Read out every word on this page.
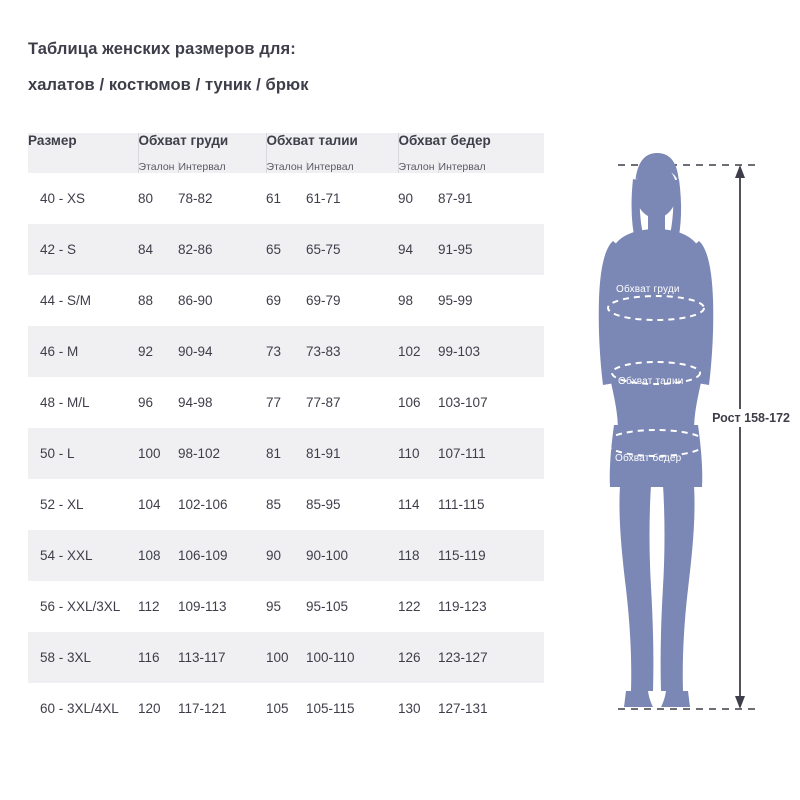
Таблица женских размеров для:
халатов / костюмов / туник / брюк
Размер	Обхват груди		Обхват талии		Обхват бедер	
	Эталон	Интервал	Эталон	Интервал	Эталон	Интервал
40 - XS	80	78-82	61	61-71	90	87-91
42 - S	84	82-86	65	65-75	94	91-95
44 - S/M	88	86-90	69	69-79	98	95-99
46 - M	92	90-94	73	73-83	102	99-103
48 - M/L	96	94-98	77	77-87	106	103-107
50 - L	100	98-102	81	81-91	110	107-111
52 - XL	104	102-106	85	85-95	114	111-115
54 - XXL	108	106-109	90	90-100	118	115-119
56 - XXL/3XL	112	109-113	95	95-105	122	119-123
58 - 3XL	116	113-117	100	100-110	126	123-127
60 - 3XL/4XL	120	117-121	105	105-115	130	127-131
Обхват груди
Обхват талии
Обхват бедер
Рост 158-172
